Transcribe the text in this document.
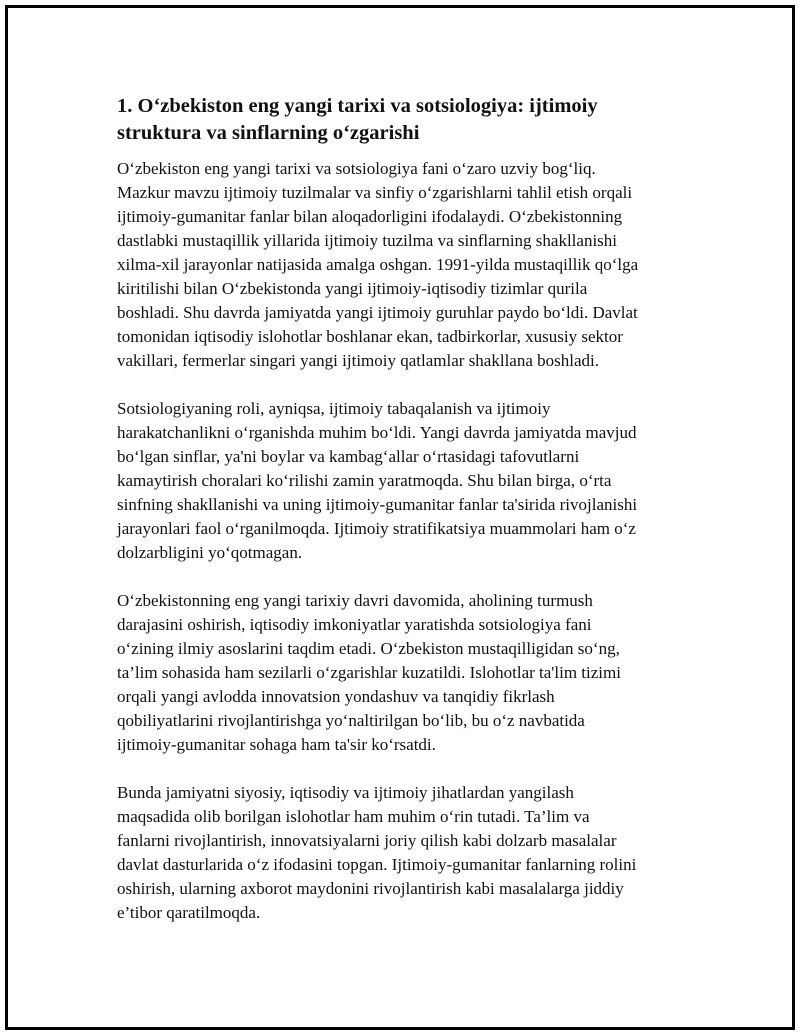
1. O‘zbekiston eng yangi tarixi va sotsiologiya: ijtimoiy
struktura va sinflarning o‘zgarishi

O‘zbekiston eng yangi tarixi va sotsiologiya fani o‘zaro uzviy bog‘liq.
Mazkur mavzu ijtimoiy tuzilmalar va sinfiy o‘zgarishlarni tahlil etish orqali
ijtimoiy-gumanitar fanlar bilan aloqadorligini ifodalaydi. O‘zbekistonning
dastlabki mustaqillik yillarida ijtimoiy tuzilma va sinflarning shakllanishi
xilma-xil jarayonlar natijasida amalga oshgan. 1991-yilda mustaqillik qo‘lga
kiritilishi bilan O‘zbekistonda yangi ijtimoiy-iqtisodiy tizimlar qurila
boshladi. Shu davrda jamiyatda yangi ijtimoiy guruhlar paydo bo‘ldi. Davlat
tomonidan iqtisodiy islohotlar boshlanar ekan, tadbirkorlar, xususiy sektor
vakillari, fermerlar singari yangi ijtimoiy qatlamlar shakllana boshladi.

Sotsiologiyaning roli, ayniqsa, ijtimoiy tabaqalanish va ijtimoiy
harakatchanlikni o‘rganishda muhim bo‘ldi. Yangi davrda jamiyatda mavjud
bo‘lgan sinflar, ya'ni boylar va kambag‘allar o‘rtasidagi tafovutlarni
kamaytirish choralari ko‘rilishi zamin yaratmoqda. Shu bilan birga, o‘rta
sinfning shakllanishi va uning ijtimoiy-gumanitar fanlar ta'sirida rivojlanishi
jarayonlari faol o‘rganilmoqda. Ijtimoiy stratifikatsiya muammolari ham o‘z
dolzarbligini yo‘qotmagan.

O‘zbekistonning eng yangi tarixiy davri davomida, aholining turmush
darajasini oshirish, iqtisodiy imkoniyatlar yaratishda sotsiologiya fani
o‘zining ilmiy asoslarini taqdim etadi. O‘zbekiston mustaqilligidan so‘ng,
ta’lim sohasida ham sezilarli o‘zgarishlar kuzatildi. Islohotlar ta'lim tizimi
orqali yangi avlodda innovatsion yondashuv va tanqidiy fikrlash
qobiliyatlarini rivojlantirishga yo‘naltirilgan bo‘lib, bu o‘z navbatida
ijtimoiy-gumanitar sohaga ham ta'sir ko‘rsatdi.

Bunda jamiyatni siyosiy, iqtisodiy va ijtimoiy jihatlardan yangilash
maqsadida olib borilgan islohotlar ham muhim o‘rin tutadi. Ta’lim va
fanlarni rivojlantirish, innovatsiyalarni joriy qilish kabi dolzarb masalalar
davlat dasturlarida o‘z ifodasini topgan. Ijtimoiy-gumanitar fanlarning rolini
oshirish, ularning axborot maydonini rivojlantirish kabi masalalarga jiddiy
e’tibor qaratilmoqda.
